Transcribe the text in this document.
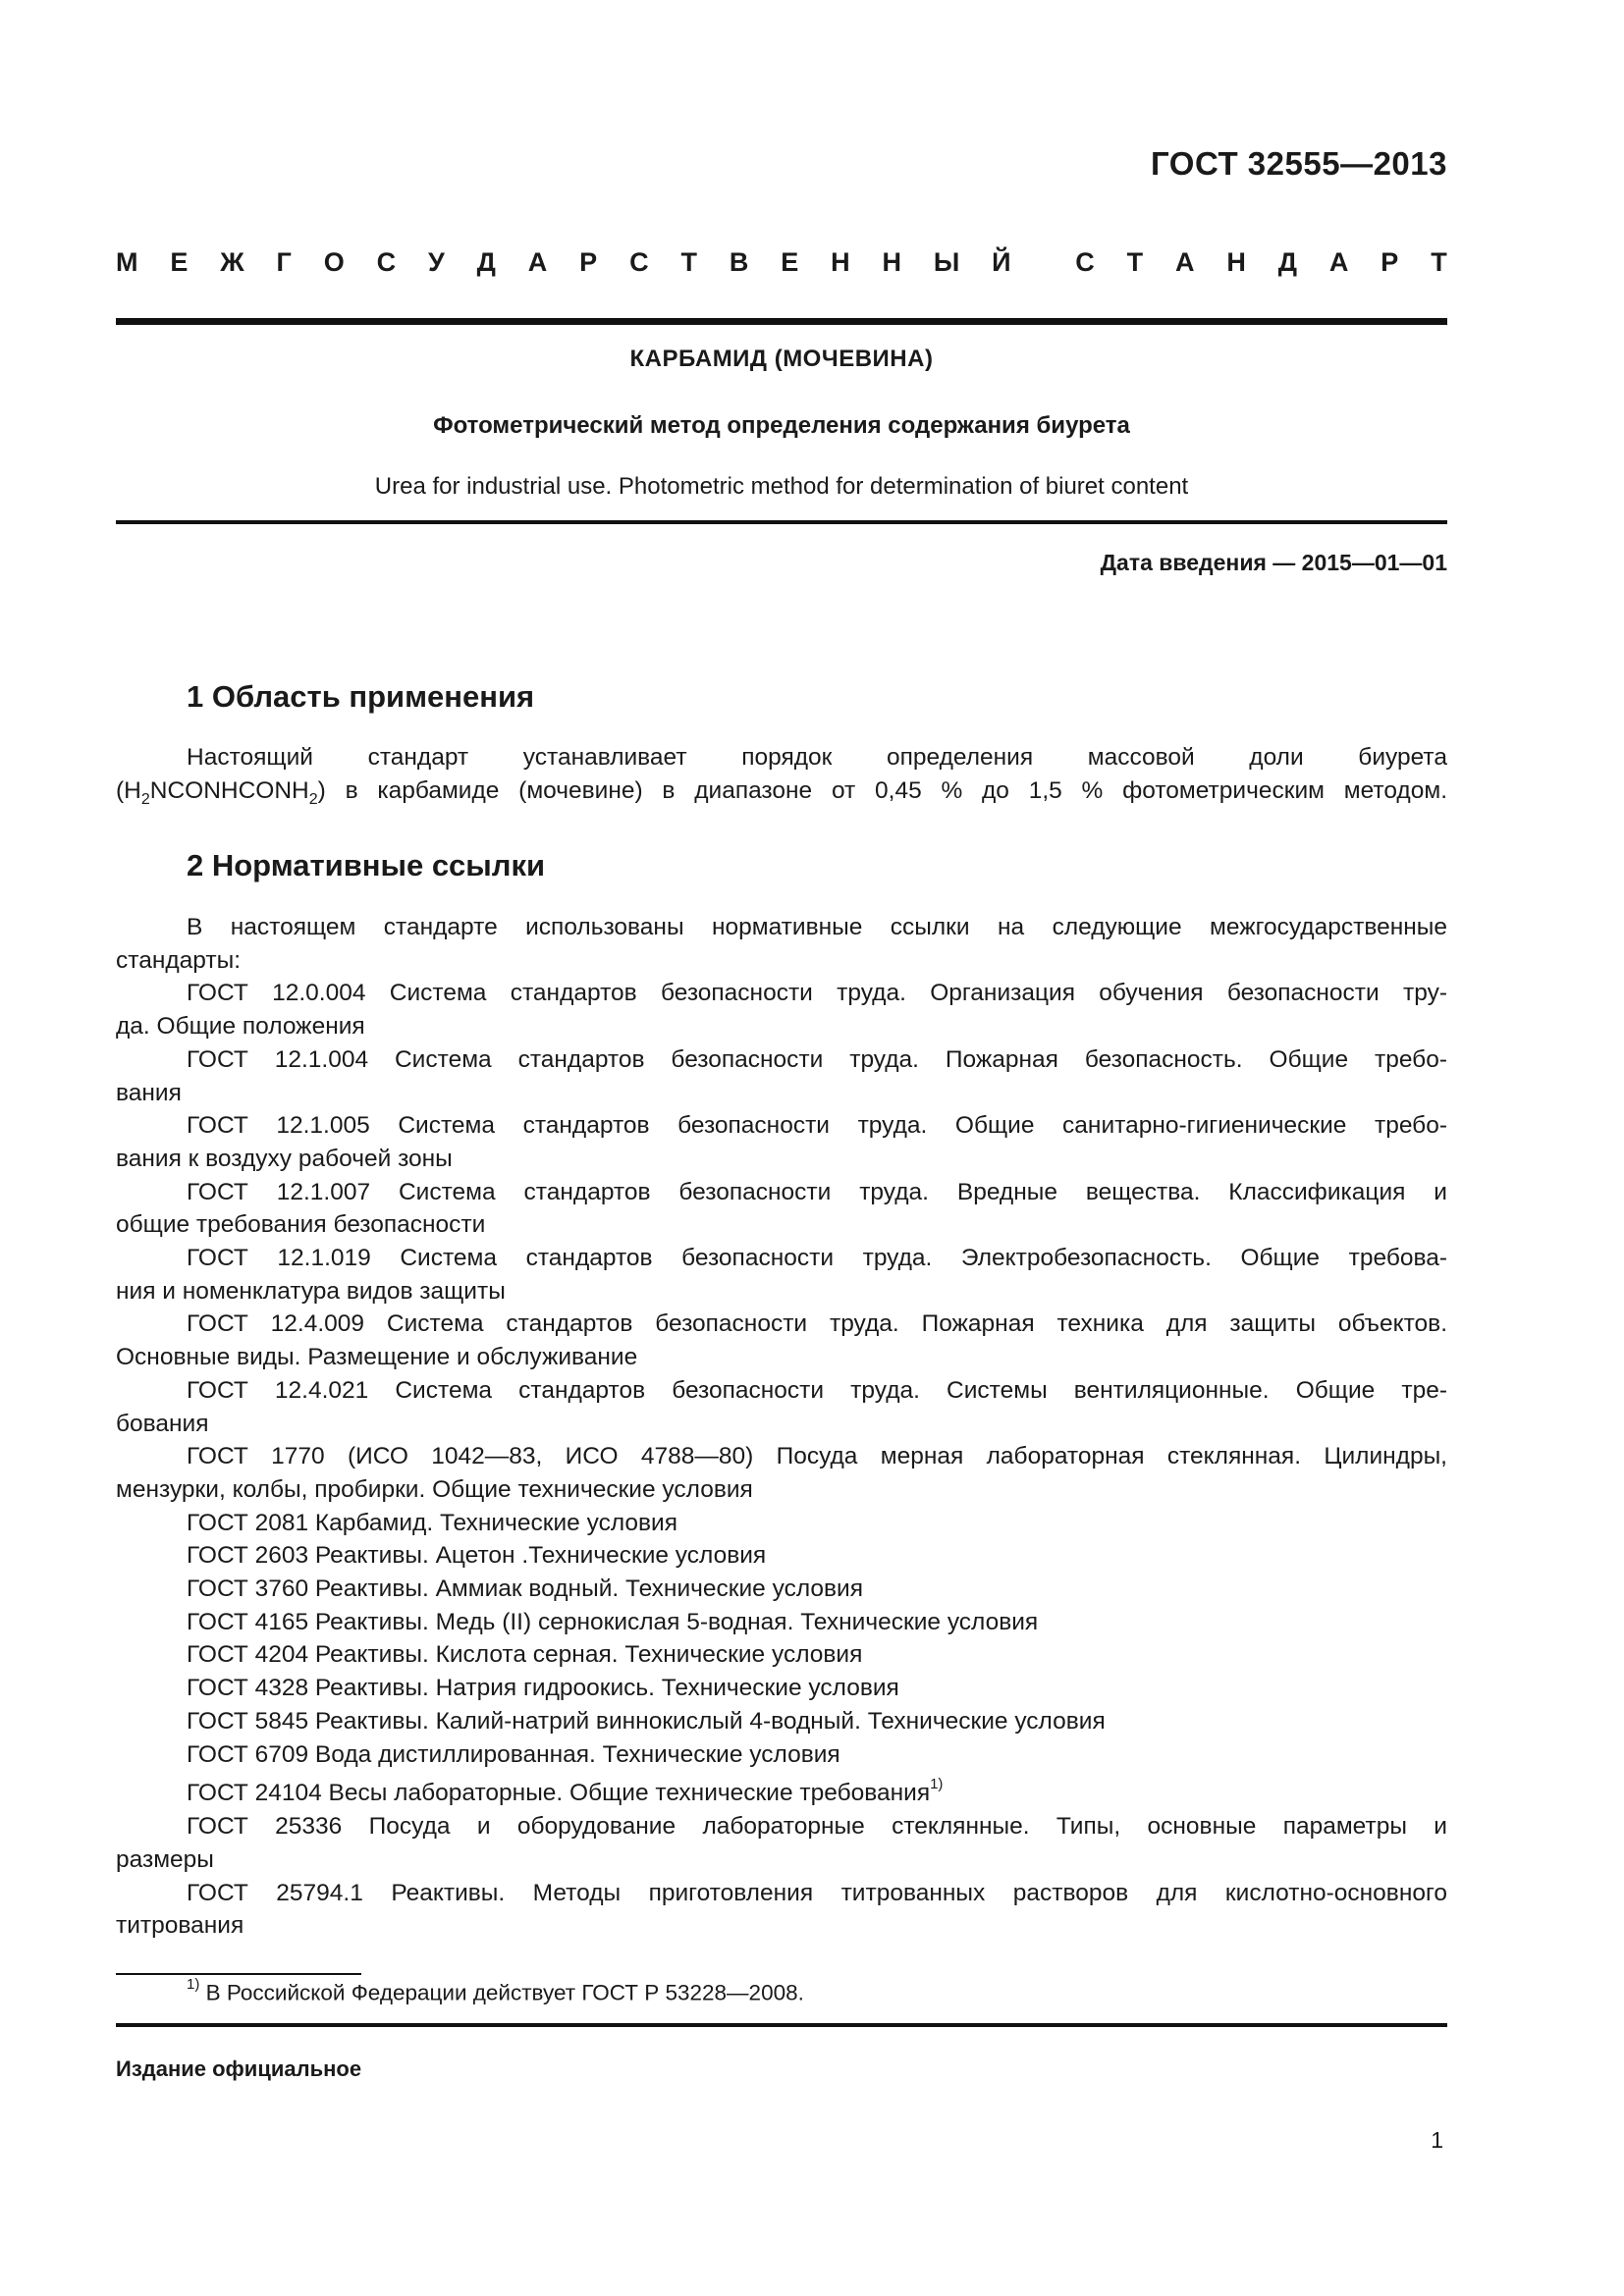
ГОСТ 32555—2013
М Е Ж Г О С У Д А Р С Т В Е Н Н Ы Й С Т А Н Д А Р Т
КАРБАМИД (МОЧЕВИНА)
Фотометрический метод определения содержания биурета
Urea for industrial use. Photometric method for determination of biuret content
Дата введения — 2015—01—01
1 Область применения
Настоящий стандарт устанавливает порядок определения массовой доли биурета
$(H_2NCONHCONH_2)$ в карбамиде (мочевине) в диапазоне от 0,45 % до 1,5 % фотометрическим методом.
2 Нормативные ссылки
В настоящем стандарте использованы нормативные ссылки на следующие межгосударственные
стандарты:
ГОСТ 12.0.004 Система стандартов безопасности труда. Организация обучения безопасности тру-
да. Общие положения
ГОСТ 12.1.004 Система стандартов безопасности труда. Пожарная безопасность. Общие требо-
вания
ГОСТ 12.1.005 Система стандартов безопасности труда. Общие санитарно-гигиенические требо-
вания к воздуху рабочей зоны
ГОСТ 12.1.007 Система стандартов безопасности труда. Вредные вещества. Классификация и
общие требования безопасности
ГОСТ 12.1.019 Система стандартов безопасности труда. Электробезопасность. Общие требова-
ния и номенклатура видов защиты
ГОСТ 12.4.009 Система стандартов безопасности труда. Пожарная техника для защиты объектов.
Основные виды. Размещение и обслуживание
ГОСТ 12.4.021 Система стандартов безопасности труда. Системы вентиляционные. Общие тре-
бования
ГОСТ 1770 (ИСО 1042—83, ИСО 4788—80) Посуда мерная лабораторная стеклянная. Цилиндры,
мензурки, колбы, пробирки. Общие технические условия
ГОСТ 2081 Карбамид. Технические условия
ГОСТ 2603 Реактивы. Ацетон .Технические условия
ГОСТ 3760 Реактивы. Аммиак водный. Технические условия
ГОСТ 4165 Реактивы. Медь (II) сернокислая 5-водная. Технические условия
ГОСТ 4204 Реактивы. Кислота серная. Технические условия
ГОСТ 4328 Реактивы. Натрия гидроокись. Технические условия
ГОСТ 5845 Реактивы. Калий-натрий виннокислый 4-водный. Технические условия
ГОСТ 6709 Вода дистиллированная. Технические условия
ГОСТ 24104 Весы лабораторные. Общие технические требования$^{1)}$
ГОСТ 25336 Посуда и оборудование лабораторные стеклянные. Типы, основные параметры и
размеры
ГОСТ 25794.1 Реактивы. Методы приготовления титрованных растворов для кислотно-основного
титрования
$^{1)}$ В Российской Федерации действует ГОСТ Р 53228—2008.
Издание официальное
1
